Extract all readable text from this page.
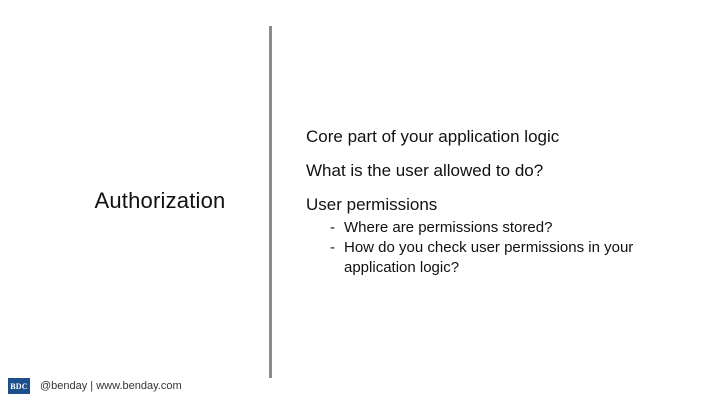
Authorization
Core part of your application logic
What is the user allowed to do?
User permissions
- Where are permissions stored?
- How do you check user permissions in your application logic?
BDC @benday | www.benday.com
